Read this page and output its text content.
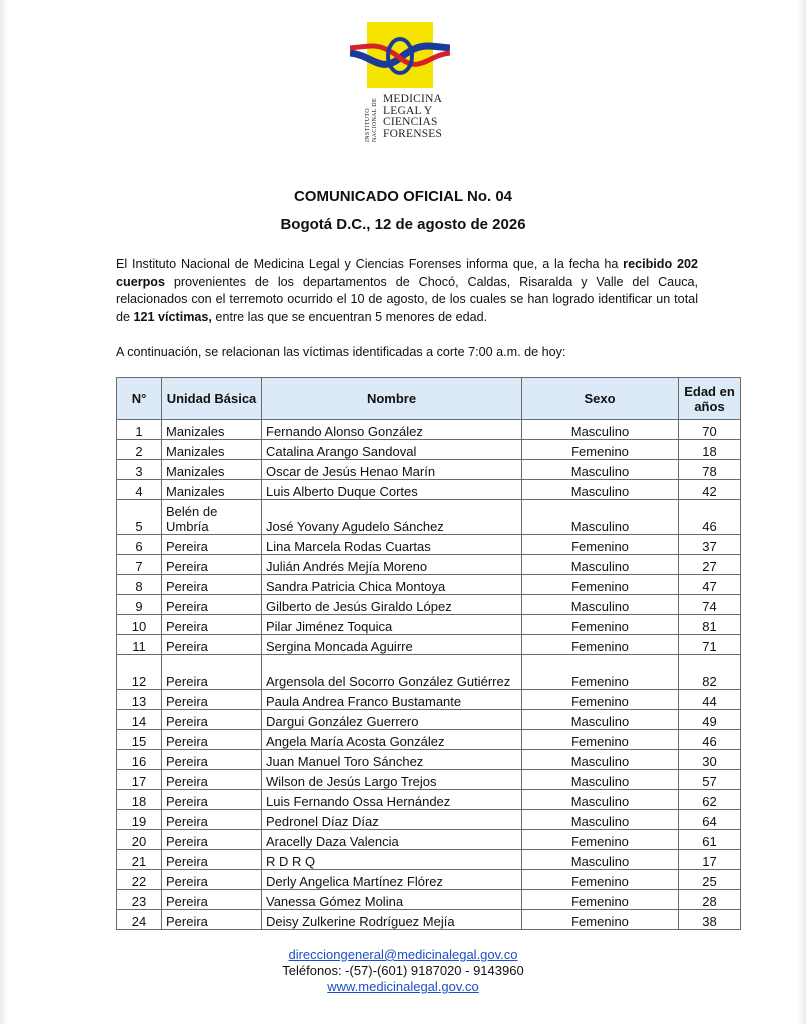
INSTITUTO NACIONAL DE MEDICINA
LEGAL Y
CIENCIAS
FORENSES
COMUNICADO OFICIAL No. 04
Bogotá D.C., 12 de agosto de 2026
El Instituto Nacional de Medicina Legal y Ciencias Forenses informa que, a la fecha ha recibido 202 cuerpos provenientes de los departamentos de Chocó, Caldas, Risaralda y Valle del Cauca, relacionados con el terremoto ocurrido el 10 de agosto, de los cuales se han logrado identificar un total de 121 víctimas, entre las que se encuentran 5 menores de edad.
A continuación, se relacionan las víctimas identificadas a corte 7:00 a.m. de hoy:
N°	Unidad Básica	Nombre	Sexo	Edad en años
1	Manizales	Fernando Alonso González	Masculino	70
2	Manizales	Catalina Arango Sandoval	Femenino	18
3	Manizales	Oscar de Jesús Henao Marín	Masculino	78
4	Manizales	Luis Alberto Duque Cortes	Masculino	42
5	Belén de Umbría	José Yovany Agudelo Sánchez	Masculino	46
6	Pereira	Lina Marcela Rodas Cuartas	Femenino	37
7	Pereira	Julián Andrés Mejía Moreno	Masculino	27
8	Pereira	Sandra Patricia Chica Montoya	Femenino	47
9	Pereira	Gilberto de Jesús Giraldo López	Masculino	74
10	Pereira	Pilar Jiménez Toquica	Femenino	81
11	Pereira	Sergina Moncada Aguirre	Femenino	71
12	Pereira	Argensola del Socorro González Gutiérrez	Femenino	82
13	Pereira	Paula Andrea Franco Bustamante	Femenino	44
14	Pereira	Dargui González Guerrero	Masculino	49
15	Pereira	Angela María Acosta González	Femenino	46
16	Pereira	Juan Manuel Toro Sánchez	Masculino	30
17	Pereira	Wilson de Jesús Largo Trejos	Masculino	57
18	Pereira	Luis Fernando Ossa Hernández	Masculino	62
19	Pereira	Pedronel Díaz Díaz	Masculino	64
20	Pereira	Aracelly Daza Valencia	Femenino	61
21	Pereira	R D R Q	Masculino	17
22	Pereira	Derly Angelica Martínez Flórez	Femenino	25
23	Pereira	Vanessa Gómez Molina	Femenino	28
24	Pereira	Deisy Zulkerine Rodríguez Mejía	Femenino	38
direcciongeneral@medicinalegal.gov.co
Teléfonos: -(57)-(601) 9187020 - 9143960
www.medicinalegal.gov.co
